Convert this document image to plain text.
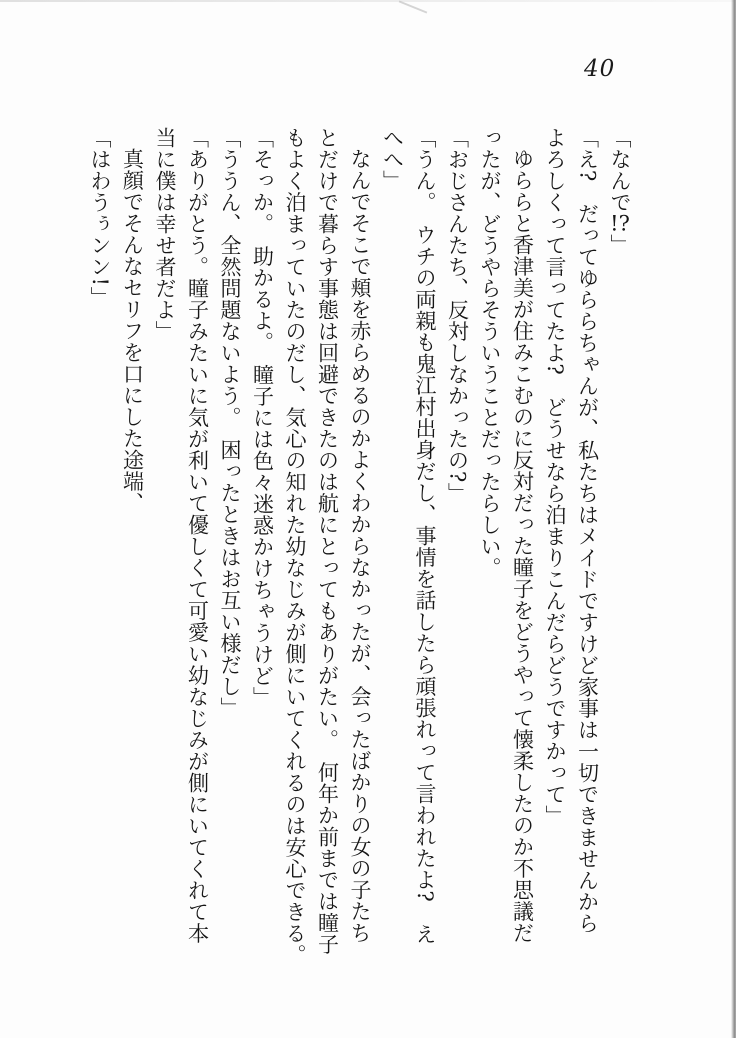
40

「なんで!?」

「え?　だってゆららちゃんが、私たちはメイドですけど家事は一切できませんから

よろしくって言ってたよ?　どうせなら泊まりこんだらどうですかって」

ゆららと香津美が住みこむのに反対だった瞳子をどうやって懐柔したのか不思議だ

ったが、どうやらそういうことだったらしい。

「おじさんたち、反対しなかったの?」

「うん。　ウチの両親も鬼江村出身だし、事情を話したら頑張れって言われたよ?　え

へへ」

なんでそこで頬を赤らめるのかよくわからなかったが、会ったばかりの女の子たち

とだけで暮らす事態は回避できたのは航にとってもありがたい。　何年か前までは瞳子

もよく泊まっていたのだし、気心の知れた幼なじみが側にいてくれるのは安心できる。

「そっか。　助かるよ。　瞳子には色々迷惑かけちゃうけど」

「ううん、全然問題ないよう。　困ったときはお互い様だし」

「ありがとう。瞳子みたいに気が利いて優しくて可愛い幼なじみが側にいてくれて本

当に僕は幸せ者だよ」

真顔でそんなセリフを口にした途端、

「はわうぅンン!」
